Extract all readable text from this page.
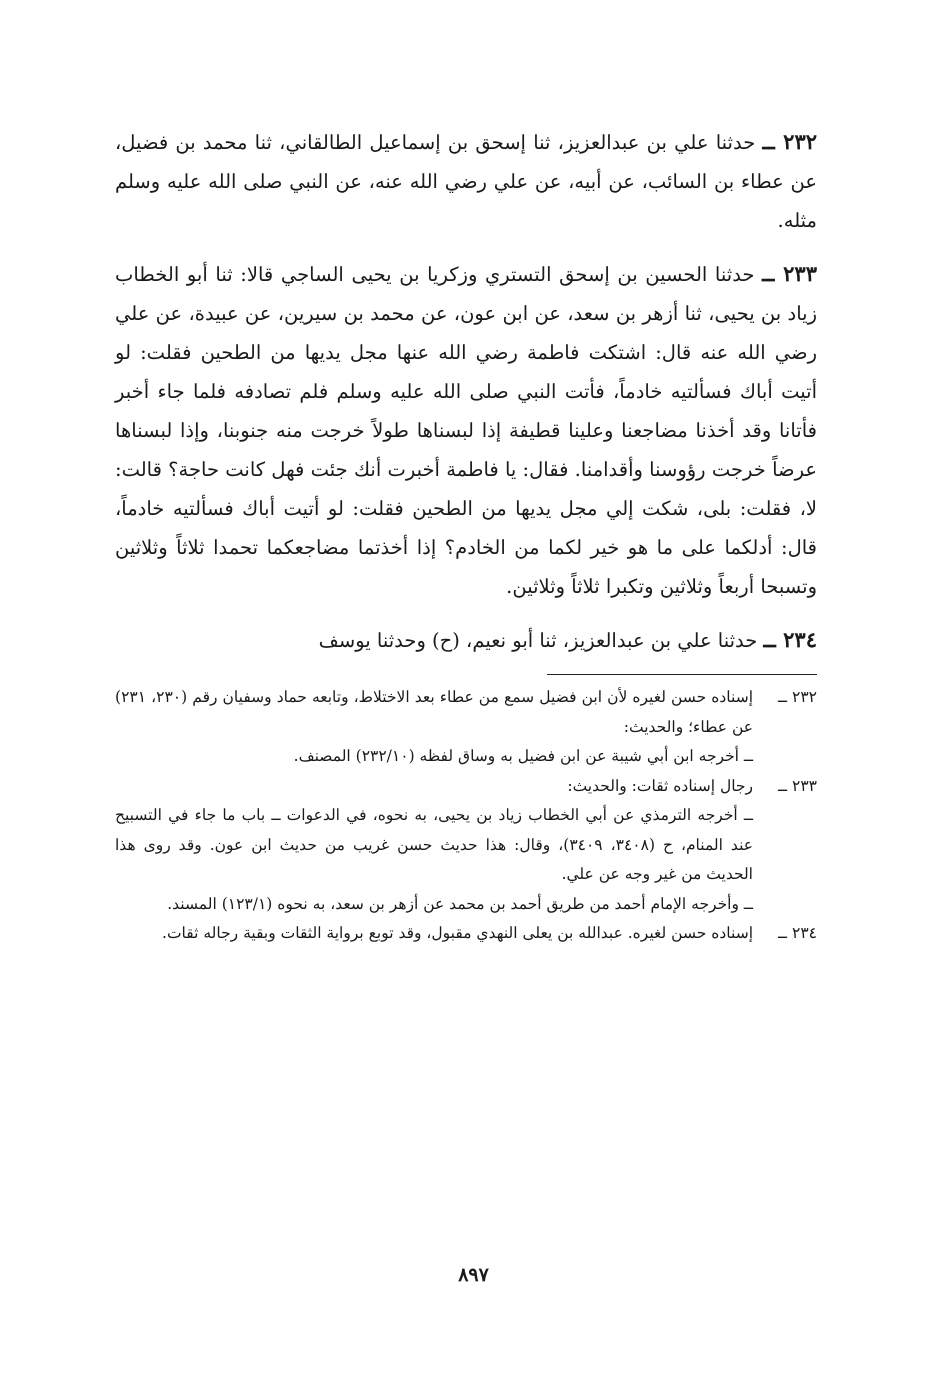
٢٣٢ ــ حدثنا علي بن عبدالعزيز، ثنا إسحق بن إسماعيل الطالقاني، ثنا محمد بن فضيل، عن عطاء بن السائب، عن أبيه، عن علي رضي الله عنه، عن النبي صلى الله عليه وسلم مثله.

٢٣٣ ــ حدثنا الحسين بن إسحق التستري وزكريا بن يحيى الساجي قالا: ثنا أبو الخطاب زياد بن يحيى، ثنا أزهر بن سعد، عن ابن عون، عن محمد بن سيرين، عن عبيدة، عن علي رضي الله عنه قال: اشتكت فاطمة رضي الله عنها مجل يديها من الطحين فقلت: لو أتيت أباك فسألتيه خادماً، فأتت النبي صلى الله عليه وسلم فلم تصادفه فلما جاء أخبر فأتانا وقد أخذنا مضاجعنا وعلينا قطيفة إذا لبسناها طولاً خرجت منه جنوبنا، وإذا لبسناها عرضاً خرجت رؤوسنا وأقدامنا. فقال: يا فاطمة أخبرت أنك جئت فهل كانت حاجة؟ قالت: لا، فقلت: بلى، شكت إلي مجل يديها من الطحين فقلت: لو أتيت أباك فسألتيه خادماً، قال: أدلكما على ما هو خير لكما من الخادم؟ إذا أخذتما مضاجعكما تحمدا ثلاثاً وثلاثين وتسبحا أربعاً وثلاثين وتكبرا ثلاثاً وثلاثين.

٢٣٤ ــ حدثنا علي بن عبدالعزيز، ثنا أبو نعيم، (ح) وحدثنا يوسف

٢٣٢ ــ
إسناده حسن لغيره لأن ابن فضيل سمع من عطاء بعد الاختلاط، وتابعه حماد وسفيان رقم (٢٣٠، ٢٣١) عن عطاء؛ والحديث:
ــ أخرجه ابن أبي شيبة عن ابن فضيل به وساق لفظه (٢٣٢/١٠) المصنف.
٢٣٣ ــ
رجال إسناده ثقات: والحديث:
ــ أخرجه الترمذي عن أبي الخطاب زياد بن يحيى، به نحوه، في الدعوات ــ باب ما جاء في التسبيح عند المنام، ح (٣٤٠٨، ٣٤٠٩)، وقال: هذا حديث حسن غريب من حديث ابن عون. وقد روى هذا الحديث من غير وجه عن علي.
ــ وأخرجه الإمام أحمد من طريق أحمد بن محمد عن أزهر بن سعد، به نحوه (١٢٣/١) المسند.
٢٣٤ ــ
إسناده حسن لغيره. عبدالله بن يعلى النهدي مقبول، وقد توبع برواية الثقات وبقية رجاله ثقات.
٨٩٧
